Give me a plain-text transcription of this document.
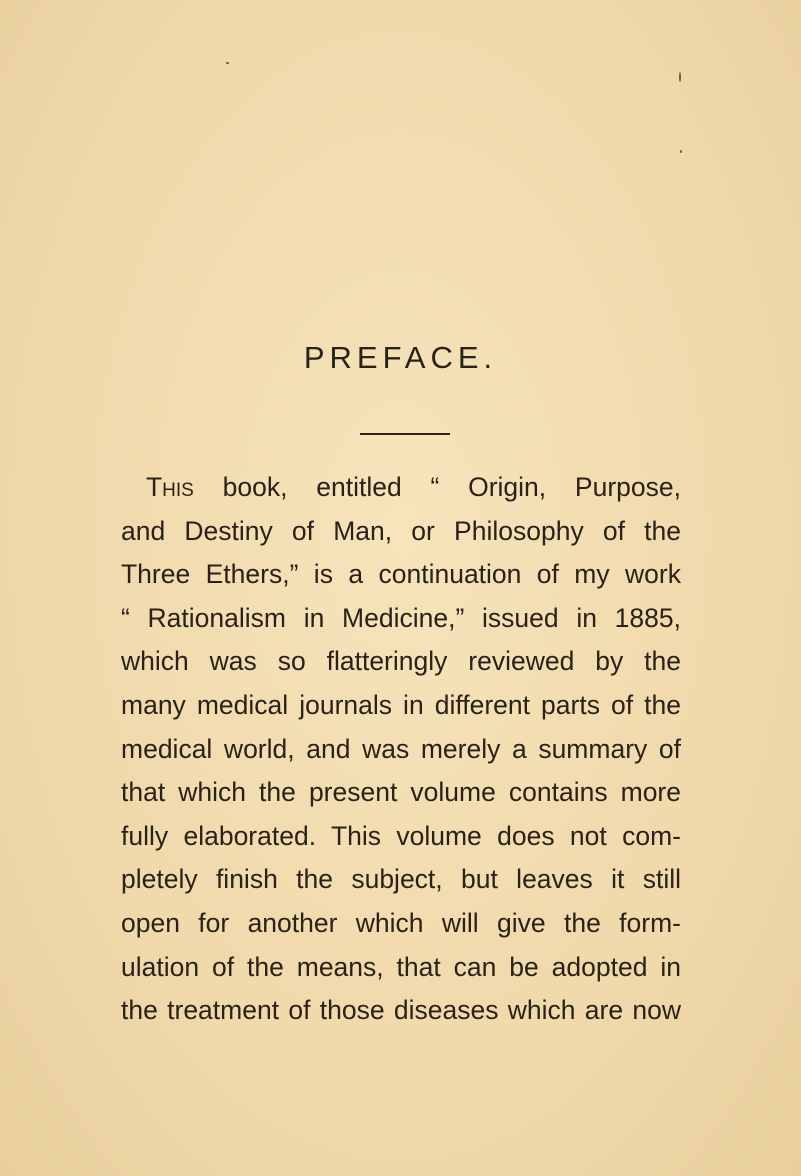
PREFACE.
This book, entitled “ Origin, Purpose,
and Destiny of Man, or Philosophy of the
Three Ethers,” is a continuation of my work
“ Rationalism in Medicine,” issued in 1885,
which was so flatteringly reviewed by the
many medical journals in different parts of the
medical world, and was merely a summary of
that which the present volume contains more
fully elaborated. This volume does not com-
pletely finish the subject, but leaves it still
open for another which will give the form-
ulation of the means, that can be adopted in
the treatment of those diseases which are now
